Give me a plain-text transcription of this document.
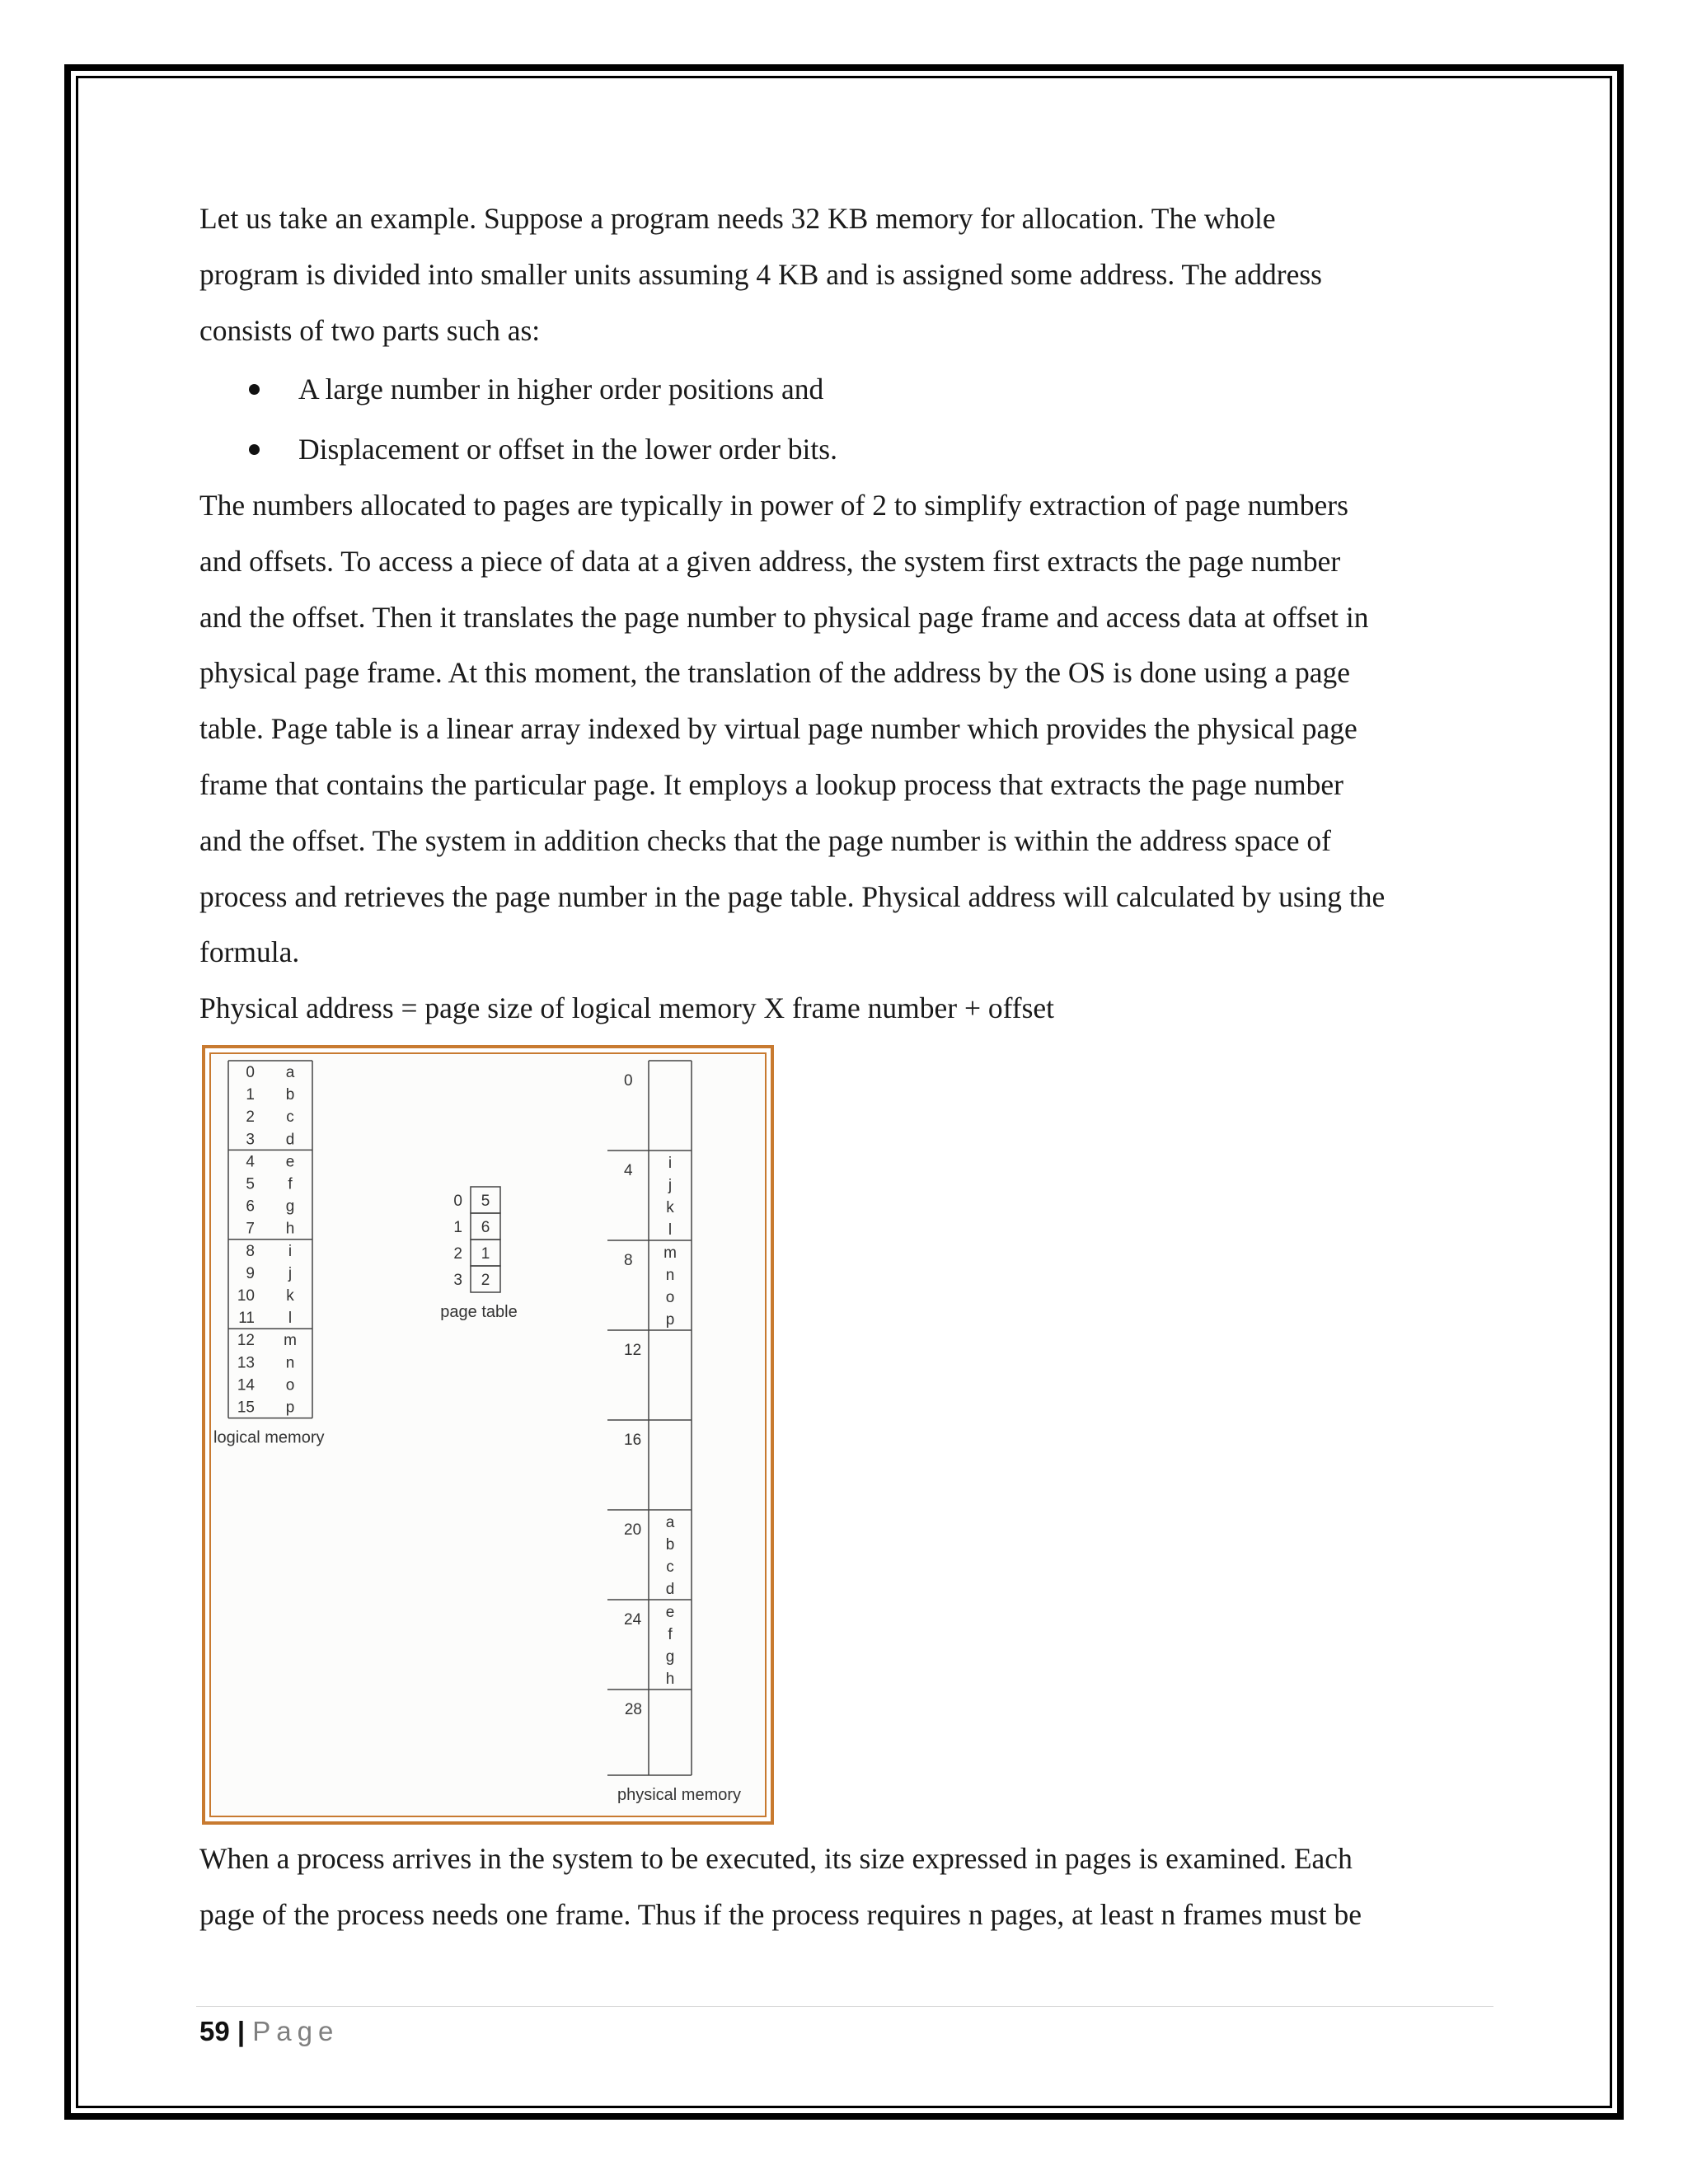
Let us take an example. Suppose a program needs 32 KB memory for allocation. The whole
program is divided into smaller units assuming 4 KB and is assigned some address. The address
consists of two parts such as:

A large number in higher order positions and
Displacement or offset in the lower order bits.

The numbers allocated to pages are typically in power of 2 to simplify extraction of page numbers
and offsets. To access a piece of data at a given address, the system first extracts the page number
and the offset. Then it translates the page number to physical page frame and access data at offset in
physical page frame. At this moment, the translation of the address by the OS is done using a page
table. Page table is a linear array indexed by virtual page number which provides the physical page
frame that contains the particular page. It employs a lookup process that extracts the page number
and the offset. The system in addition checks that the page number is within the address space of
process and retrieves the page number in the page table. Physical address will calculated by using the
formula.

Physical address = page size of logical memory X frame number + offset

0 a
1 b
2 c
3 d
4 e
5 f
6 g
7 h
8 i
9 j
10 k
11 l
12 m
13 n
14 o
15 p
logical memory
5
0
6
1
1
2
2
3
page table
0
4 i
j
k
l
8 m
n
o
p
12
16
20 a
b
c
d
24 e
f
g
h
28
physical memory

When a process arrives in the system to be executed, its size expressed in pages is examined. Each
page of the process needs one frame. Thus if the process requires n pages, at least n frames must be

59 | Page
